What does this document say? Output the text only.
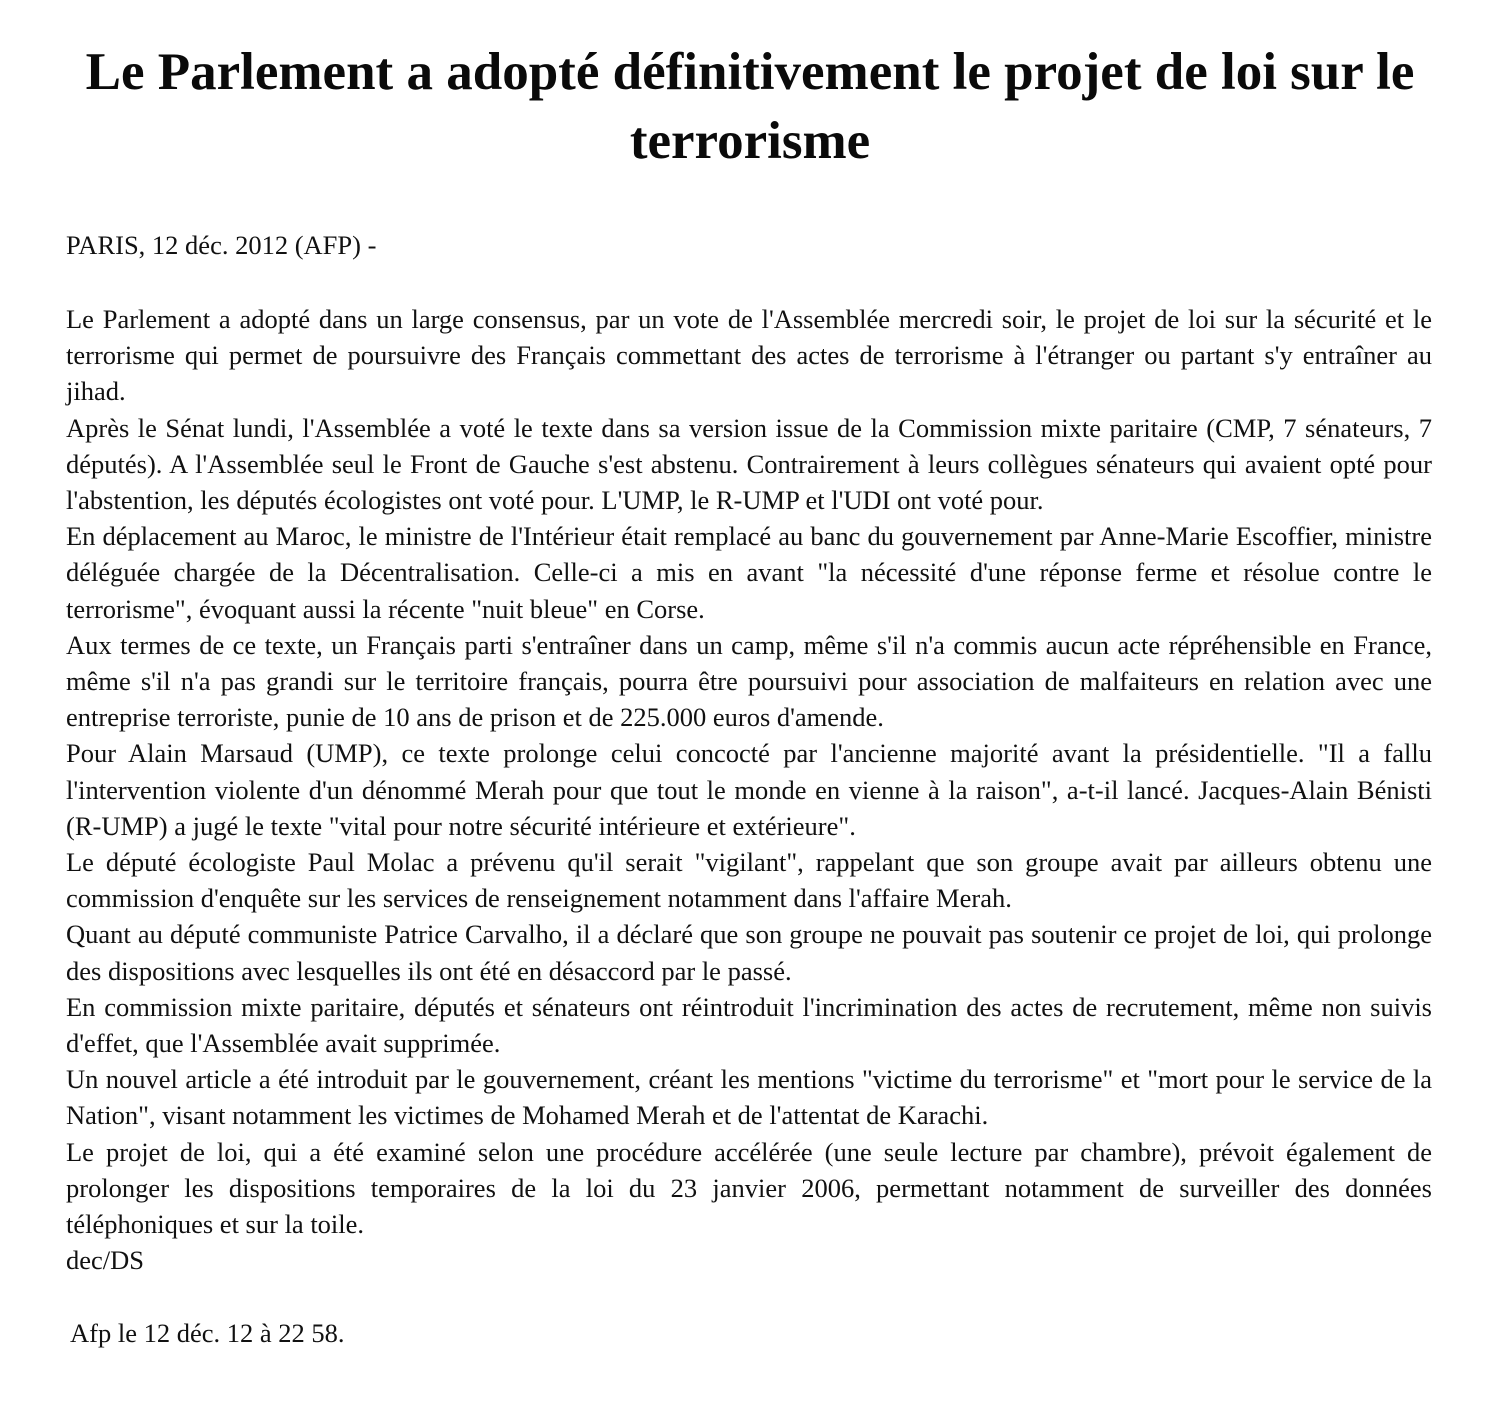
Le Parlement a adopté définitivement le projet de loi sur le terrorisme

PARIS, 12 déc. 2012 (AFP) -

Le Parlement a adopté dans un large consensus, par un vote de l'Assemblée mercredi soir, le projet de loi sur la sécurité et le terrorisme qui permet de poursuivre des Français commettant des actes de terrorisme à l'étranger ou partant s'y entraîner au jihad.

Après le Sénat lundi, l'Assemblée a voté le texte dans sa version issue de la Commission mixte paritaire (CMP, 7 sénateurs, 7 députés). A l'Assemblée seul le Front de Gauche s'est abstenu. Contrairement à leurs collègues sénateurs qui avaient opté pour l'abstention, les députés écologistes ont voté pour. L'UMP, le R-UMP et l'UDI ont voté pour.

En déplacement au Maroc, le ministre de l'Intérieur était remplacé au banc du gouvernement par Anne-Marie Escoffier, ministre déléguée chargée de la Décentralisation. Celle-ci a mis en avant "la nécessité d'une réponse ferme et résolue contre le terrorisme", évoquant aussi la récente "nuit bleue" en Corse.

Aux termes de ce texte, un Français parti s'entraîner dans un camp, même s'il n'a commis aucun acte répréhensible en France, même s'il n'a pas grandi sur le territoire français, pourra être poursuivi pour association de malfaiteurs en relation avec une entreprise terroriste, punie de 10 ans de prison et de 225.000 euros d'amende.

Pour Alain Marsaud (UMP), ce texte prolonge celui concocté par l'ancienne majorité avant la présidentielle. "Il a fallu l'intervention violente d'un dénommé Merah pour que tout le monde en vienne à la raison", a-t-il lancé. Jacques-Alain Bénisti (R-UMP) a jugé le texte "vital pour notre sécurité intérieure et extérieure".

Le député écologiste Paul Molac a prévenu qu'il serait "vigilant", rappelant que son groupe avait par ailleurs obtenu une commission d'enquête sur les services de renseignement notamment dans l'affaire Merah.

Quant au député communiste Patrice Carvalho, il a déclaré que son groupe ne pouvait pas soutenir ce projet de loi, qui prolonge des dispositions avec lesquelles ils ont été en désaccord par le passé.

En commission mixte paritaire, députés et sénateurs ont réintroduit l'incrimination des actes de recrutement, même non suivis d'effet, que l'Assemblée avait supprimée.

Un nouvel article a été introduit par le gouvernement, créant les mentions "victime du terrorisme" et "mort pour le service de la Nation", visant notamment les victimes de Mohamed Merah et de l'attentat de Karachi.

Le projet de loi, qui a été examiné selon une procédure accélérée (une seule lecture par chambre), prévoit également de prolonger les dispositions temporaires de la loi du 23 janvier 2006, permettant notamment de surveiller des données téléphoniques et sur la toile.

dec/DS

Afp le 12 déc. 12 à 22 58.
